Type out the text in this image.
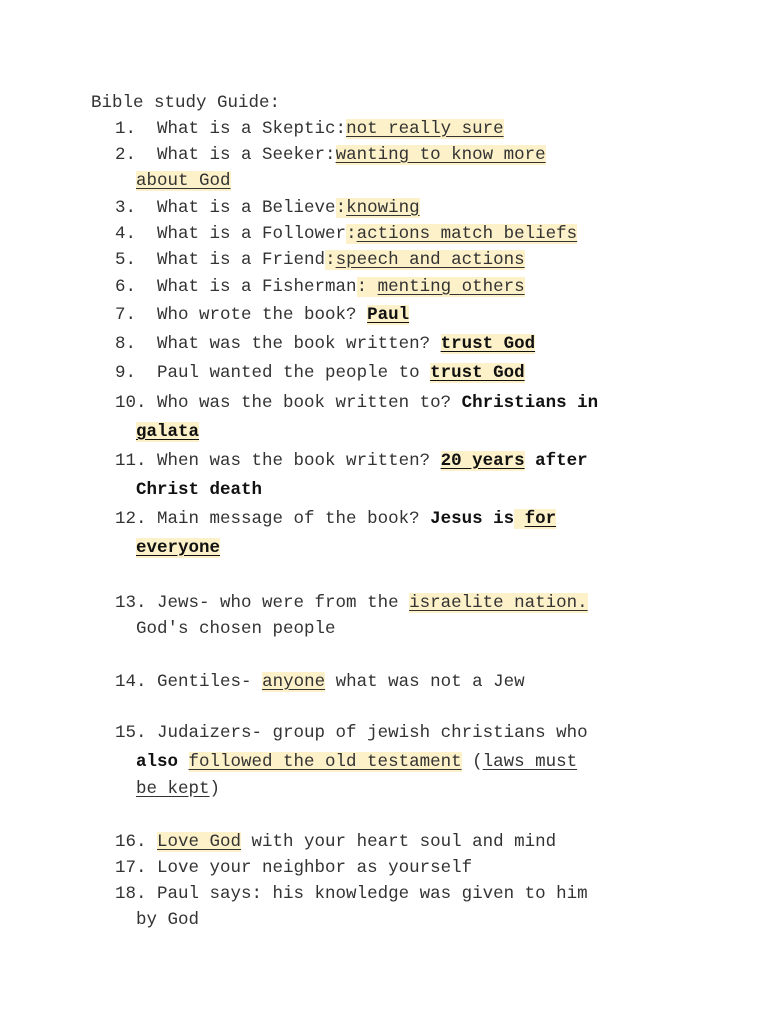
Bible study Guide:
1. What is a Skeptic:not really sure
2. What is a Seeker:wanting to know more
about God
3. What is a Believe:knowing
4. What is a Follower:actions match beliefs
5. What is a Friend:speech and actions
6. What is a Fisherman: menting others
7. Who wrote the book? Paul
8. What was the book written? trust God
9. Paul wanted the people to trust God
10. Who was the book written to? Christians in
galata
11. When was the book written? 20 years after
Christ death
12. Main message of the book? Jesus is for
everyone
13. Jews- who were from the israelite nation.
God's chosen people
14. Gentiles- anyone what was not a Jew
15. Judaizers- group of jewish christians who
also followed the old testament (laws must
be kept)
16. Love God with your heart soul and mind
17. Love your neighbor as yourself
18. Paul says: his knowledge was given to him
by God
